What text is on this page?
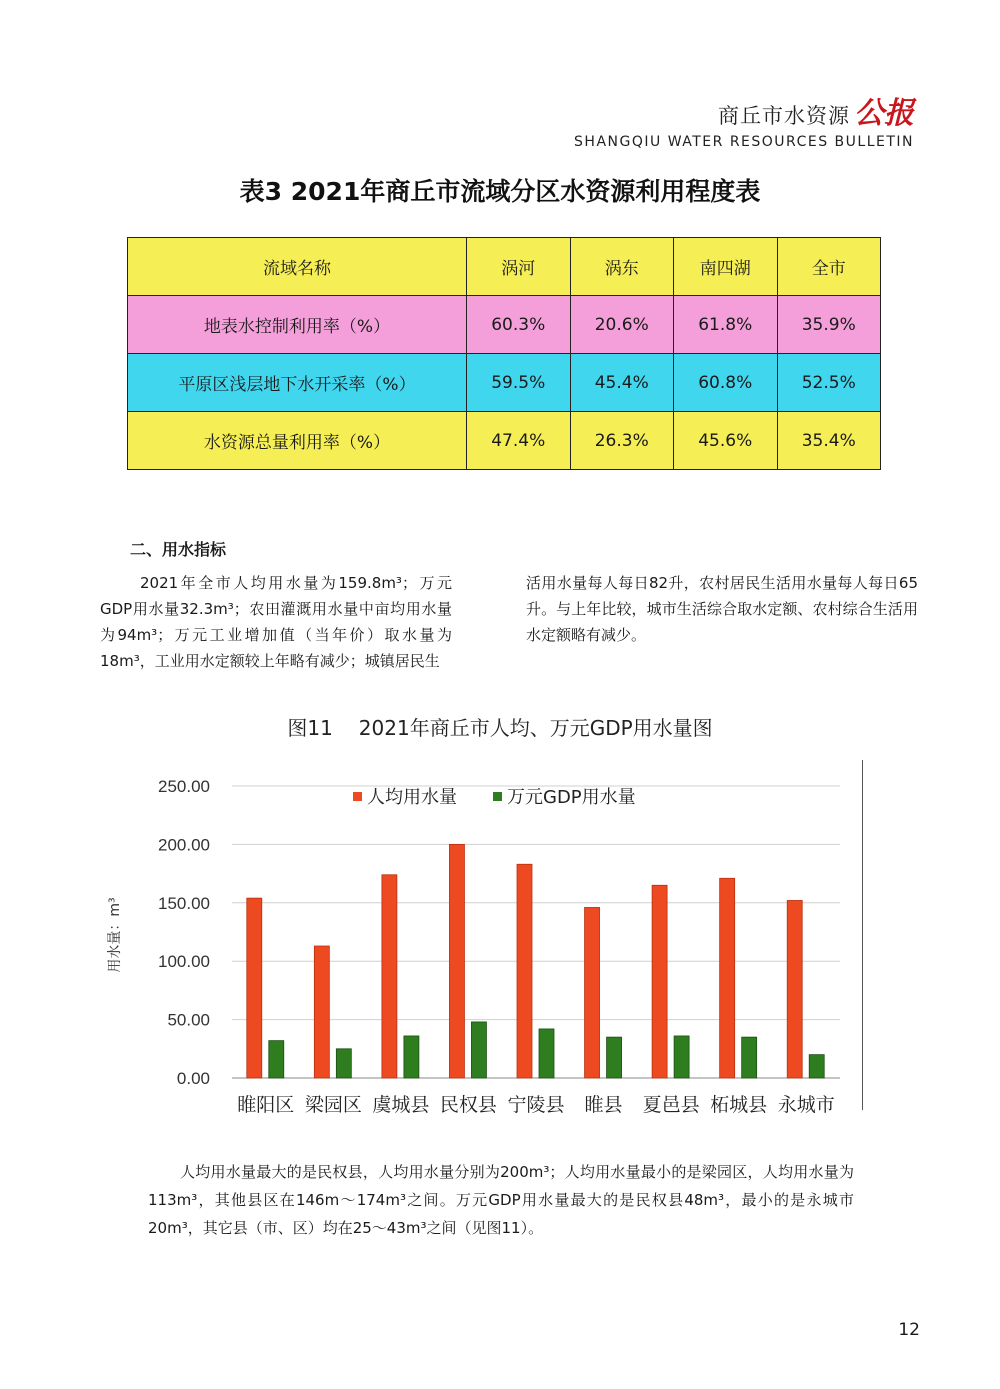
商丘市水资源 公报
SHANGQIU WATER RESOURCES BULLETIN
表3 2021年商丘市流域分区水资源利用程度表
流域名称	涡河	涡东	南四湖	全市
地表水控制利用率（%）	60.3%	20.6%	61.8%	35.9%
平原区浅层地下水开采率（%）	59.5%	45.4%	60.8%	52.5%
水资源总量利用率（%）	47.4%	26.3%	45.6%	35.4%
二、用水指标
2021年全市人均用水量为159.8m³；万元GDP用水量32.3m³；农田灌溉用水量中亩均用水量为94m³；万元工业增加值（当年价）取水量为18m³，工业用水定额较上年略有减少；城镇居民生
活用水量每人每日82升，农村居民生活用水量每人每日65升。与上年比较，城市生活综合取水定额、农村综合生活用水定额略有减少。
图11 2021年商丘市人均、万元GDP用水量图
0.00
50.00
100.00
150.00
200.00
250.00
用水量：m³
睢阳区 梁园区 虞城县 民权县 宁陵县 睢县 夏邑县 柘城县 永城市
人均用水量	万元GDP用水量
人均用水量最大的是民权县，人均用水量分别为200m³；人均用水量最小的是梁园区，人均用水量为113m³，其他县区在146m～174m³之间。万元GDP用水量最大的是民权县48m³，最小的是永城市20m³，其它县（市、区）均在25～43m³之间（见图11）。
12
